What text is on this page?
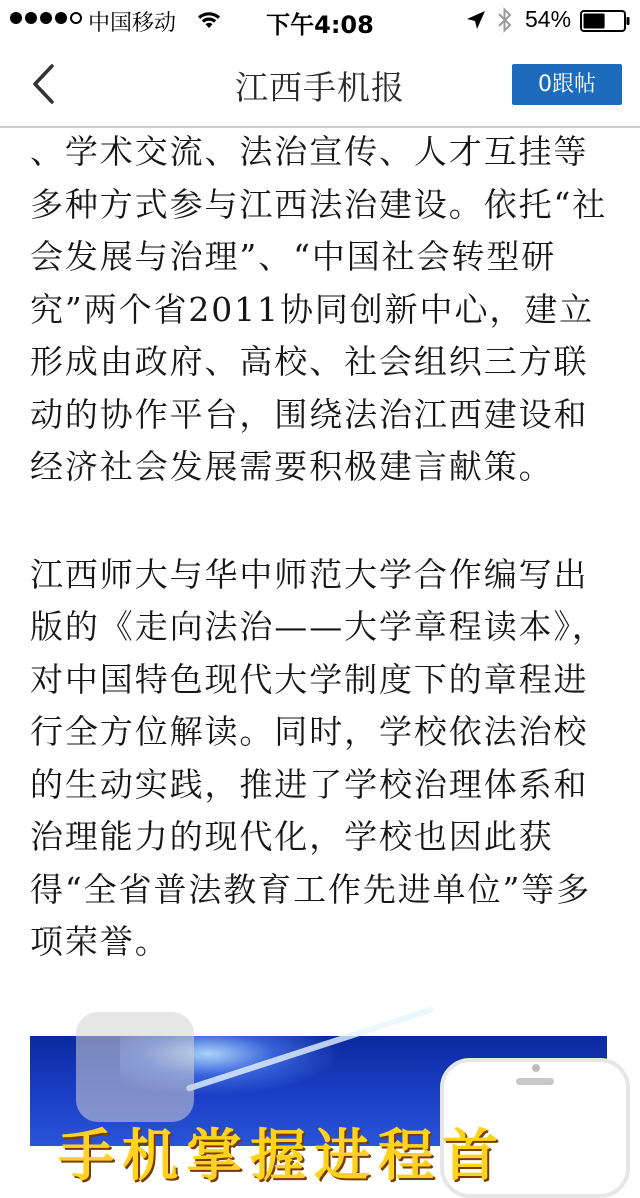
中国移动	下午4:08	54%
江西手机报	0跟帖

、学术交流、法治宣传、人才互挂等多种方式参与江西法治建设。依托“社会发展与治理”、“中国社会转型研究”两个省2011协同创新中心，建立形成由政府、高校、社会组织三方联动的协作平台，围绕法治江西建设和经济社会发展需要积极建言献策。

江西师大与华中师范大学合作编写出版的《走向法治——大学章程读本》，对中国特色现代大学制度下的章程进行全方位解读。同时，学校依法治校的生动实践，推进了学校治理体系和治理能力的现代化，学校也因此获得“全省普法教育工作先进单位”等多项荣誉。

手机掌握进程首
